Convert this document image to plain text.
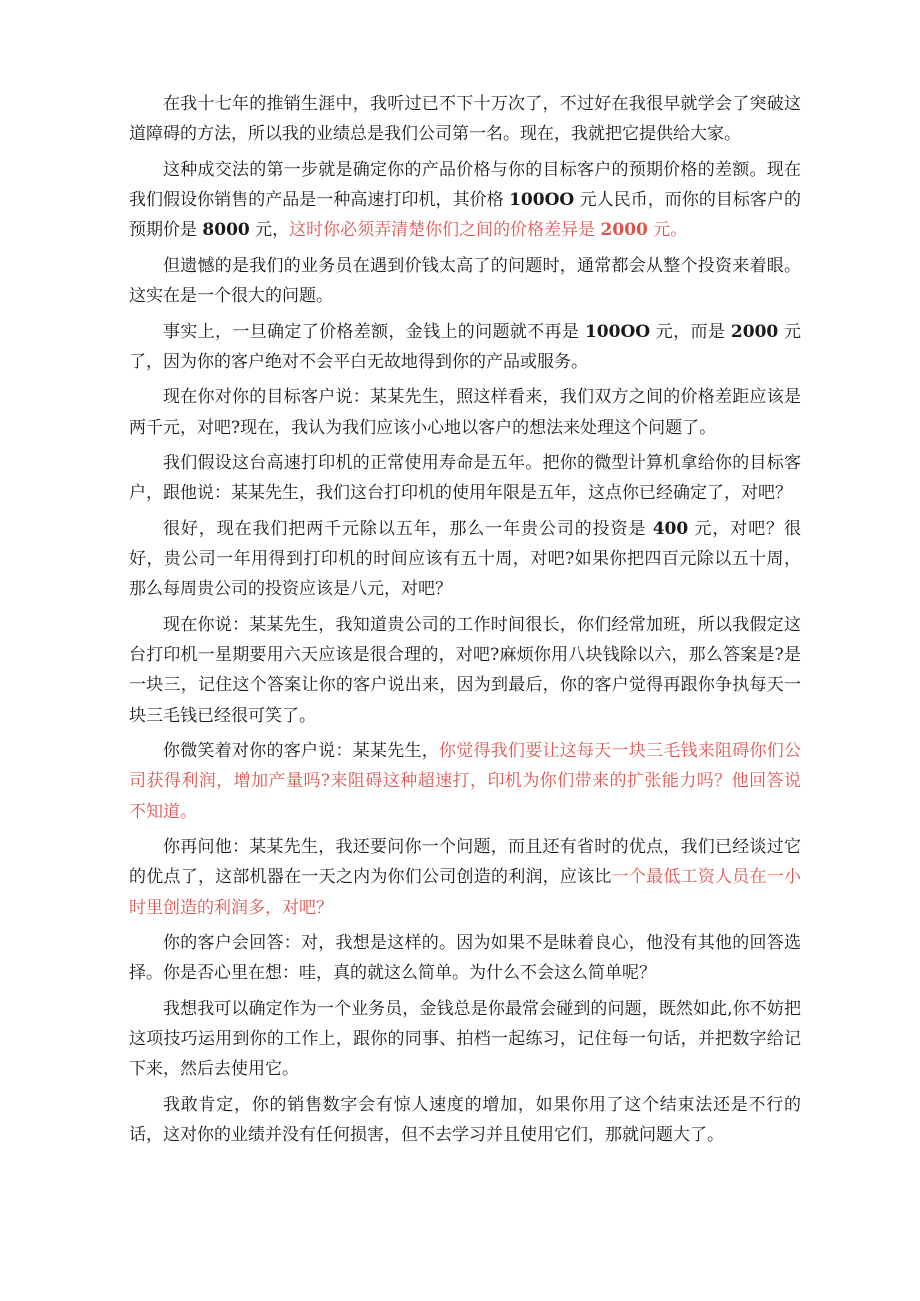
在我十七年的推销生涯中，我听过已不下十万次了，不过好在我很早就学会了突破这道障碍的方法，所以我的业绩总是我们公司第一名。现在，我就把它提供给大家。

这种成交法的第一步就是确定你的产品价格与你的目标客户的预期价格的差额。现在我们假设你销售的产品是一种高速打印机，其价格 100OO 元人民币，而你的目标客户的预期价是 8000 元，这时你必须弄清楚你们之间的价格差异是 2000 元。

但遗憾的是我们的业务员在遇到价钱太高了的问题时，通常都会从整个投资来着眼。这实在是一个很大的问题。

事实上，一旦确定了价格差额，金钱上的问题就不再是 100OO 元，而是 2000 元了，因为你的客户绝对不会平白无故地得到你的产品或服务。

现在你对你的目标客户说：某某先生，照这样看来，我们双方之间的价格差距应该是两千元，对吧?现在，我认为我们应该小心地以客户的想法来处理这个问题了。

我们假设这台高速打印机的正常使用寿命是五年。把你的微型计算机拿给你的目标客户，跟他说：某某先生，我们这台打印机的使用年限是五年，这点你已经确定了，对吧？

很好，现在我们把两千元除以五年，那么一年贵公司的投资是 400 元，对吧？很好，贵公司一年用得到打印机的时间应该有五十周，对吧?如果你把四百元除以五十周，那么每周贵公司的投资应该是八元，对吧？

现在你说：某某先生，我知道贵公司的工作时间很长，你们经常加班，所以我假定这台打印机一星期要用六天应该是很合理的，对吧?麻烦你用八块钱除以六，那么答案是?是一块三，记住这个答案让你的客户说出来，因为到最后，你的客户觉得再跟你争执每天一块三毛钱已经很可笑了。

你微笑着对你的客户说：某某先生，你觉得我们要让这每天一块三毛钱来阻碍你们公司获得利润，增加产量吗?来阻碍这种超速打，印机为你们带来的扩张能力吗？他回答说不知道。

你再问他：某某先生，我还要问你一个问题，而且还有省时的优点，我们已经谈过它的优点了，这部机器在一天之内为你们公司创造的利润，应该比一个最低工资人员在一小时里创造的利润多，对吧？

你的客户会回答：对，我想是这样的。因为如果不是昧着良心，他没有其他的回答选择。你是否心里在想：哇，真的就这么简单。为什么不会这么简单呢？

我想我可以确定作为一个业务员，金钱总是你最常会碰到的问题，既然如此,你不妨把这项技巧运用到你的工作上，跟你的同事、拍档一起练习，记住每一句话，并把数字给记下来，然后去使用它。

我敢肯定，你的销售数字会有惊人速度的增加，如果你用了这个结束法还是不行的话，这对你的业绩并没有任何损害，但不去学习并且使用它们，那就问题大了。
